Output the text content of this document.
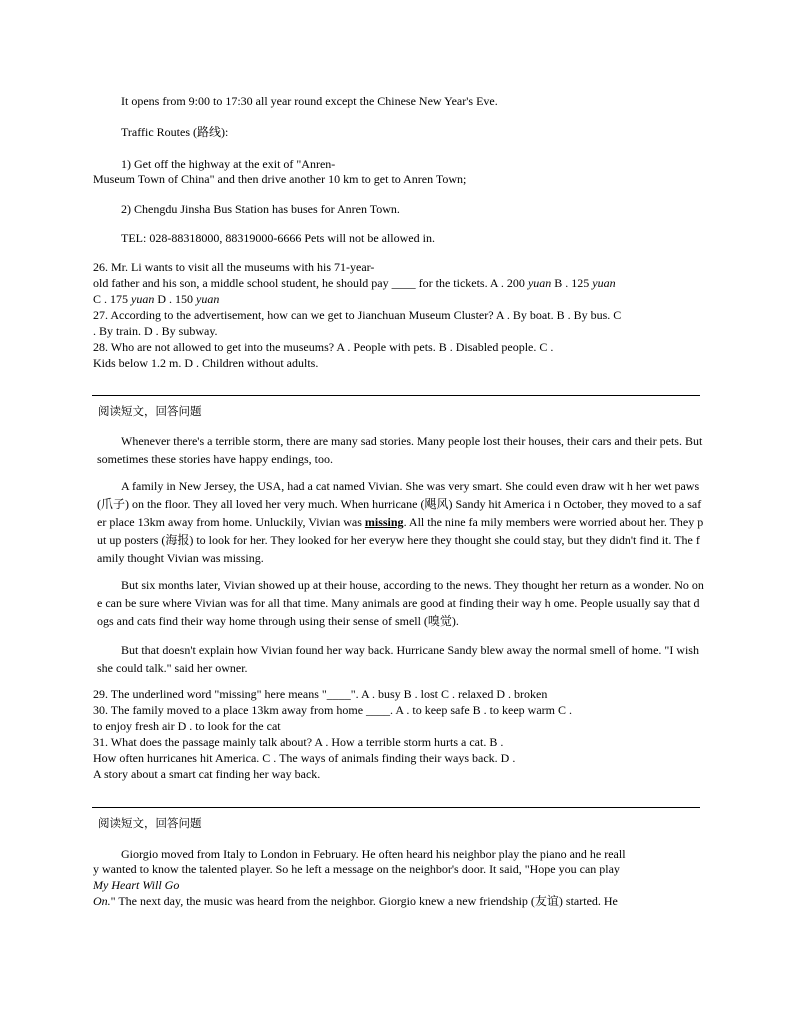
It opens from 9:00 to 17:30 all year round except the Chinese New Year's Eve.
Traffic Routes (路线):
1) Get off the highway at the exit of "Anren-
Museum Town of China" and then drive another 10 km to get to Anren Town;
2) Chengdu Jinsha Bus Station has buses for Anren Town.
TEL: 028-88318000, 88319000-6666 Pets will not be allowed in.
26. Mr. Li wants to visit all the museums with his 71-year-
old father and his son, a middle school student, he should pay ____ for the tickets. A . 200 yuan B . 125 yuan
C . 175 yuan D . 150 yuan
27. According to the advertisement, how can we get to Jianchuan Museum Cluster? A . By boat. B . By bus. C
. By train. D . By subway.
28. Who are not allowed to get into the museums? A . People with pets. B . Disabled people. C .
Kids below 1.2 m. D . Children without adults.
阅读短文，回答问题
Whenever there's a terrible storm, there are many sad stories. Many people lost their houses, their cars and their pets. But sometimes these stories have happy endings, too.
A family in New Jersey, the USA, had a cat named Vivian. She was very smart. She could even draw wit h her wet paws (爪子) on the floor. They all loved her very much. When hurricane (飓风) Sandy hit America i n October, they moved to a safer place 13km away from home. Unluckily, Vivian was missing. All the nine fa mily members were worried about her. They put up posters (海报) to look for her. They looked for her everyw here they thought she could stay, but they didn't find it. The family thought Vivian was missing.
But six months later, Vivian showed up at their house, according to the news. They thought her return as a wonder. No one can be sure where Vivian was for all that time. Many animals are good at finding their way h ome. People usually say that dogs and cats find their way home through using their sense of smell (嗅觉).
But that doesn't explain how Vivian found her way back. Hurricane Sandy blew away the normal smell of home. "I wish she could talk." said her owner.
29. The underlined word "missing" here means "____". A . busy B . lost C . relaxed D . broken
30. The family moved to a place 13km away from home ____. A . to keep safe B . to keep warm C .
to enjoy fresh air D . to look for the cat
31. What does the passage mainly talk about? A . How a terrible storm hurts a cat. B .
How often hurricanes hit America. C . The ways of animals finding their ways back. D .
A story about a smart cat finding her way back.
阅读短文，回答问题
Giorgio moved from Italy to London in February. He often heard his neighbor play the piano and he reall
y wanted to know the talented player. So he left a message on the neighbor's door. It said, "Hope you can play
My Heart Will Go
On." The next day, the music was heard from the neighbor. Giorgio knew a new friendship (友谊) started. He
